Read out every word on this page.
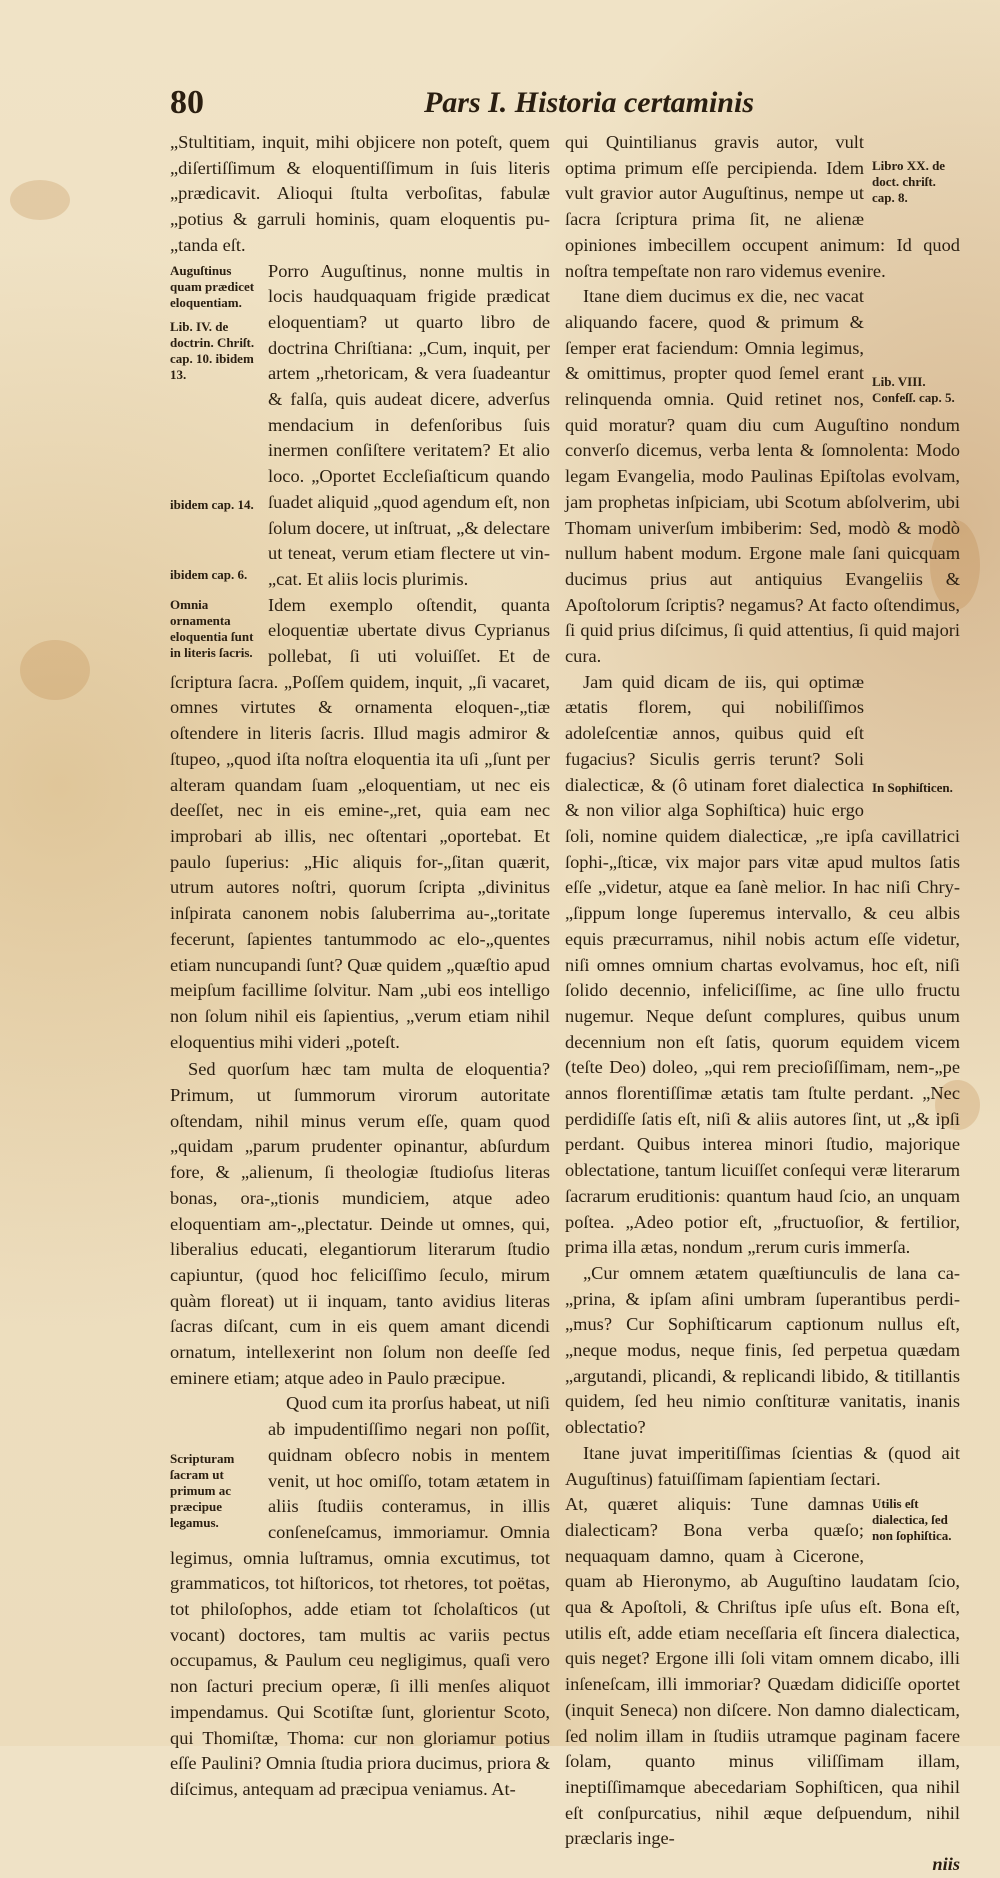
80	Pars I. Historia certaminis

„Stultitiam, inquit, mihi objicere non poteſt, quem „diſertiſſimum & eloquentiſſimum in ſuis literis „prædicavit. Alioqui ſtulta verboſitas, fabulæ „potius & garruli hominis, quam eloquentis pu-„tanda eſt.

Auguſtinus quam prædicet eloquentiam.
Lib. IV. de doctrin. Chriſt. cap. 10. ibidem 13.
ibidem cap. 14.
ibidem cap. 6.

Porro Auguſtinus, nonne multis in locis haudquaquam frigide prædicat eloquentiam? ut quarto libro de doctrina Chriſtiana: „Cum, inquit, per artem „rhetoricam, & vera ſuadeantur & falſa, quis audeat dicere, adverſus mendacium in defenſoribus ſuis inermen conſiſtere veritatem? Et alio loco. „Oportet Eccleſiaſticum quando ſuadet aliquid „quod agendum eſt, non ſolum docere, ut inſtruat, „& delectare ut teneat, verum etiam flectere ut vin-„cat. Et aliis locis plurimis.

Omnia ornamenta eloquentia ſunt in literis ſacris.

Idem exemplo oſtendit, quanta eloquentiæ ubertate divus Cyprianus pollebat, ſi uti voluiſſet. Et de ſcriptura ſacra. „Poſſem quidem, inquit, „ſi vacaret, omnes virtutes & ornamenta eloquen-„tiæ oſtendere in literis ſacris. Illud magis admiror & ſtupeo, „quod iſta noſtra eloquentia ita uſi „ſunt per alteram quandam ſuam „eloquentiam, ut nec eis deeſſet, nec in eis emine-„ret, quia eam nec improbari ab illis, nec oſtentari „oportebat. Et paulo ſuperius: „Hic aliquis for-„ſitan quærit, utrum autores noſtri, quorum ſcripta „divinitus inſpirata canonem nobis ſaluberrima au-„toritate fecerunt, ſapientes tantummodo ac elo-„quentes etiam nuncupandi ſunt? Quæ quidem „quæſtio apud meipſum facillime ſolvitur. Nam „ubi eos intelligo non ſolum nihil eis ſapientius, „verum etiam nihil eloquentius mihi videri „poteſt.

Sed quorſum hæc tam multa de eloquentia? Primum, ut ſummorum virorum autoritate oſtendam, nihil minus verum eſſe, quam quod „quidam „parum prudenter opinantur, abſurdum fore, & „alienum, ſi theologiæ ſtudioſus literas bonas, ora-„tionis mundiciem, atque adeo eloquentiam am-„plectatur. Deinde ut omnes, qui, liberalius educati, elegantiorum literarum ſtudio capiuntur, (quod hoc feliciſſimo ſeculo, mirum quàm floreat) ut ii inquam, tanto avidius literas ſacras diſcant, cum in eis quem amant dicendi ornatum, intellexerint non ſolum non deeſſe ſed eminere etiam; atque adeo in Paulo præcipue.

Scripturam ſacram ut primum ac præcipue legamus.

Quod cum ita prorſus habeat, ut niſi ab impudentiſſimo negari non poſſit, quidnam obſecro nobis in mentem venit, ut hoc omiſſo, totam ætatem in aliis ſtudiis conteramus, in illis conſeneſcamus, immoriamur. Omnia legimus, omnia luſtramus, omnia excutimus, tot grammaticos, tot hiſtoricos, tot rhetores, tot poëtas, tot philoſophos, adde etiam tot ſcholaſticos (ut vocant) doctores, tam multis ac variis pectus occupamus, & Paulum ceu negligimus, quaſi vero non ſacturi precium operæ, ſi illi menſes aliquot impendamus. Qui Scotiſtæ ſunt, glorientur Scoto, qui Thomiſtæ, Thoma: cur non gloriamur potius eſſe Paulini? Omnia ſtudia priora ducimus, priora & diſcimus, antequam ad præcipua veniamus. At-

Libro XX. de doct. chriſt. cap. 8.

qui Quintilianus gravis autor, vult optima primum eſſe percipienda. Idem vult gravior autor Auguſtinus, nempe ut ſacra ſcriptura prima ſit, ne alienæ opiniones imbecillem occupent animum: Id quod noſtra tempeſtate non raro videmus evenire.

Lib. VIII. Confeſſ. cap. 5.

Itane diem ducimus ex die, nec vacat aliquando facere, quod & primum & ſemper erat faciendum: Omnia legimus, & omittimus, propter quod ſemel erant relinquenda omnia. Quid retinet nos, quid moratur? quam diu cum Auguſtino nondum converſo dicemus, verba lenta & ſomnolenta: Modo legam Evangelia, modo Paulinas Epiſtolas evolvam, jam prophetas inſpiciam, ubi Scotum abſolverim, ubi Thomam univerſum imbiberim: Sed, modò & modò nullum habent modum. Ergone male ſani quicquam ducimus prius aut antiquius Evangeliis & Apoſtolorum ſcriptis? negamus? At facto oſtendimus, ſi quid prius diſcimus, ſi quid attentius, ſi quid majori cura.

In Sophiſticen.

Jam quid dicam de iis, qui optimæ ætatis florem, qui nobiliſſimos adoleſcentiæ annos, quibus quid eſt fugacius? Siculis gerris terunt? Soli dialecticæ, & (ô utinam foret dialectica & non vilior alga Sophiſtica) huic ergo ſoli, nomine quidem dialecticæ, „re ipſa cavillatrici ſophi-„ſticæ, vix major pars vitæ apud multos ſatis eſſe „videtur, atque ea ſanè melior. In hac niſi Chry-„ſippum longe ſuperemus intervallo, & ceu albis equis præcurramus, nihil nobis actum eſſe videtur, niſi omnes omnium chartas evolvamus, hoc eſt, niſi ſolido decennio, infeliciſſime, ac ſine ullo fructu nugemur. Neque deſunt complures, quibus unum decennium non eſt ſatis, quorum equidem vicem (teſte Deo) doleo, „qui rem precioſiſſimam, nem-„pe annos florentiſſimæ ætatis tam ſtulte perdant. „Nec perdidiſſe ſatis eſt, niſi & aliis autores ſint, ut „& ipſi perdant. Quibus interea minori ſtudio, majorique oblectatione, tantum licuiſſet conſequi veræ literarum ſacrarum eruditionis: quantum haud ſcio, an unquam poſtea. „Adeo potior eſt, „fructuoſior, & fertilior, prima illa ætas, nondum „rerum curis immerſa.

„Cur omnem ætatem quæſtiunculis de lana ca-„prina, & ipſam aſini umbram ſuperantibus perdi-„mus? Cur Sophiſticarum captionum nullus eſt, „neque modus, neque finis, ſed perpetua quædam „argutandi, plicandi, & replicandi libido, & titillantis quidem, ſed heu nimio conſtituræ vanitatis, inanis oblectatio?

Itane juvat imperitiſſimas ſcientias & (quod ait Auguſtinus) fatuiſſimam ſapientiam ſectari.

Utilis eſt dialectica, ſed non ſophiſtica.

At, quæret aliquis: Tune damnas dialecticam? Bona verba quæſo; nequaquam damno, quam à Cicerone, quam ab Hieronymo, ab Auguſtino laudatam ſcio, qua & Apoſtoli, & Chriſtus ipſe uſus eſt. Bona eſt, utilis eſt, adde etiam neceſſaria eſt ſincera dialectica, quis neget? Ergone illi ſoli vitam omnem dicabo, illi inſeneſcam, illi immoriar? Quædam didiciſſe oportet (inquit Seneca) non diſcere. Non damno dialecticam, ſed nolim illam in ſtudiis utramque paginam facere ſolam, quanto minus viliſſimam illam, ineptiſſimamque abecedariam Sophiſticen, qua nihil eſt conſpurcatius, nihil æque deſpuendum, nihil præclaris inge-

niis
